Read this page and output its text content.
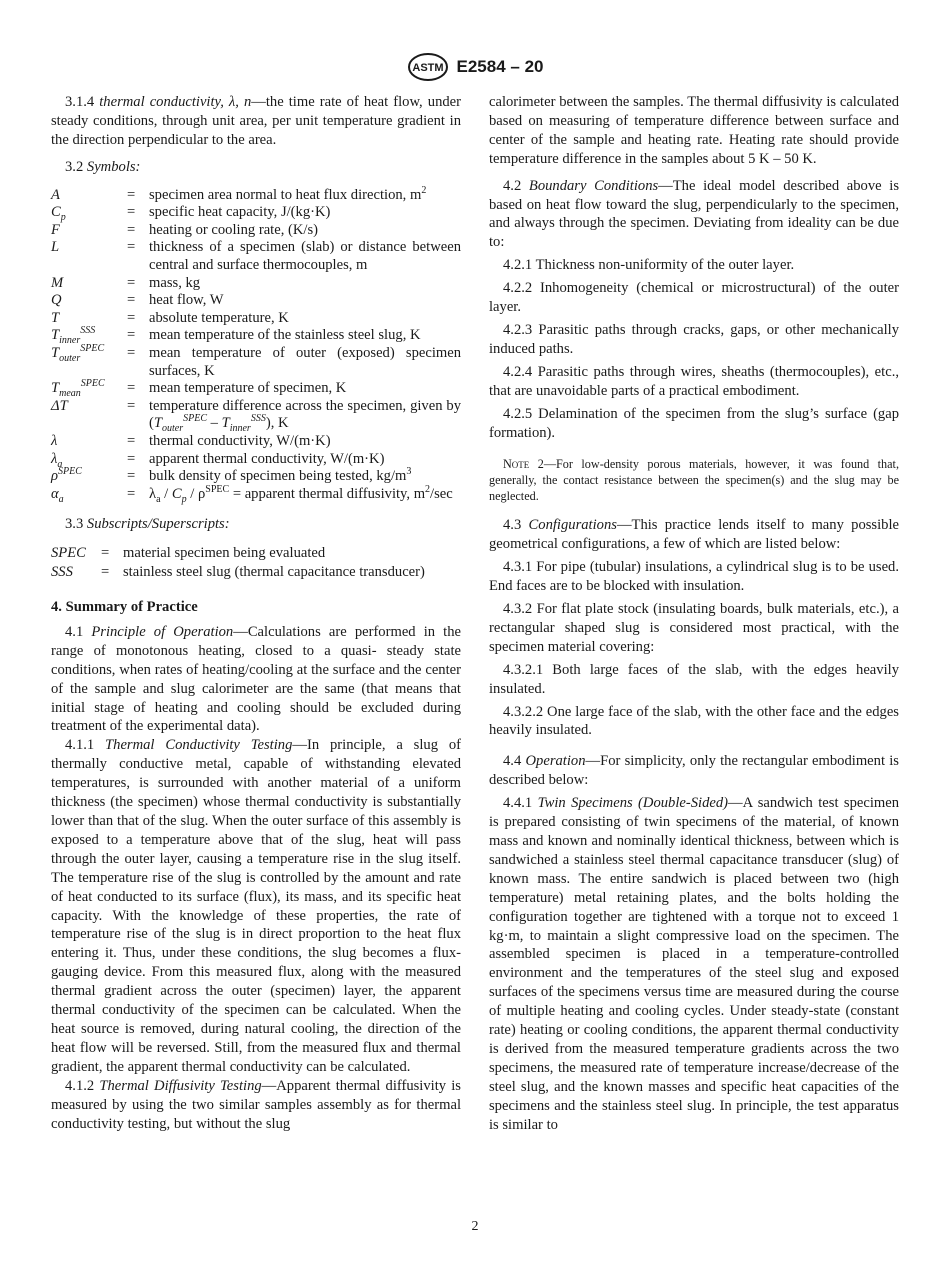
ASTM E2584 – 20

3.1.4 thermal conductivity, λ, n—the time rate of heat flow, under steady conditions, through unit area, per unit temperature gradient in the direction perpendicular to the area.

3.2 Symbols:

A	=	specimen area normal to heat flux direction, $m^2$
$C_p$	=	specific heat capacity, J/(kg·K)
F	=	heating or cooling rate, (K/s)
L	=	thickness of a specimen (slab) or distance between central and surface thermocouples, m
M	=	mass, kg
Q	=	heat flow, W
T	=	absolute temperature, K
$T_{inner}^{SSS}$	=	mean temperature of the stainless steel slug, K
$T_{outer}^{SPEC}$	=	mean temperature of outer (exposed) specimen surfaces, K
$T_{mean}^{SPEC}$	=	mean temperature of specimen, K
ΔT	=	temperature difference across the specimen, given by $(T_{outer}^{SPEC} - T_{inner}^{SSS})$, K
λ	=	thermal conductivity, W/(m·K)
$\lambda_a$	=	apparent thermal conductivity, W/(m·K)
$\rho^{SPEC}$	=	bulk density of specimen being tested, $kg/m^3$
$\alpha_a$	=	$\lambda_a / C_p / \rho^{SPEC}$ = apparent thermal diffusivity, $m^2/\sec$

3.3 Subscripts/Superscripts:

SPEC	=	material specimen being evaluated
SSS	=	stainless steel slug (thermal capacitance transducer)
4. Summary of Practice

4.1 Principle of Operation—Calculations are performed in the range of monotonous heating, closed to a quasi- steady state conditions, when rates of heating/cooling at the surface and the center of the sample and slug calorimeter are the same (that means that initial stage of heating and cooling should be excluded during treatment of the experimental data).

4.1.1 Thermal Conductivity Testing—In principle, a slug of thermally conductive metal, capable of withstanding elevated temperatures, is surrounded with another material of a uniform thickness (the specimen) whose thermal conductivity is substantially lower than that of the slug. When the outer surface of this assembly is exposed to a temperature above that of the slug, heat will pass through the outer layer, causing a temperature rise in the slug itself. The temperature rise of the slug is controlled by the amount and rate of heat conducted to its surface (flux), its mass, and its specific heat capacity. With the knowledge of these properties, the rate of temperature rise of the slug is in direct proportion to the heat flux entering it. Thus, under these conditions, the slug becomes a flux-gauging device. From this measured flux, along with the measured thermal gradient across the outer (specimen) layer, the apparent thermal conductivity of the specimen can be calculated. When the heat source is removed, during natural cooling, the direction of the heat flow will be reversed. Still, from the measured flux and thermal gradient, the apparent thermal conductivity can be calculated.

4.1.2 Thermal Diffusivity Testing—Apparent thermal diffusivity is measured by using the two similar samples assembly as for thermal conductivity testing, but without the slug

calorimeter between the samples. The thermal diffusivity is calculated based on measuring of temperature difference between surface and center of the sample and heating rate. Heating rate should provide temperature difference in the samples about 5 K – 50 K.

4.2 Boundary Conditions—The ideal model described above is based on heat flow toward the slug, perpendicularly to the specimen, and always through the specimen. Deviating from ideality can be due to:

4.2.1 Thickness non-uniformity of the outer layer.

4.2.2 Inhomogeneity (chemical or microstructural) of the outer layer.

4.2.3 Parasitic paths through cracks, gaps, or other mechanically induced paths.

4.2.4 Parasitic paths through wires, sheaths (thermocouples), etc., that are unavoidable parts of a practical embodiment.

4.2.5 Delamination of the specimen from the slug’s surface (gap formation).

Note 2—For low-density porous materials, however, it was found that, generally, the contact resistance between the specimen(s) and the slug may be neglected.

4.3 Configurations—This practice lends itself to many possible geometrical configurations, a few of which are listed below:

4.3.1 For pipe (tubular) insulations, a cylindrical slug is to be used. End faces are to be blocked with insulation.

4.3.2 For flat plate stock (insulating boards, bulk materials, etc.), a rectangular shaped slug is considered most practical, with the specimen material covering:

4.3.2.1 Both large faces of the slab, with the edges heavily insulated.

4.3.2.2 One large face of the slab, with the other face and the edges heavily insulated.

4.4 Operation—For simplicity, only the rectangular embodiment is described below:

4.4.1 Twin Specimens (Double-Sided)—A sandwich test specimen is prepared consisting of twin specimens of the material, of known mass and known and nominally identical thickness, between which is sandwiched a stainless steel thermal capacitance transducer (slug) of known mass. The entire sandwich is placed between two (high temperature) metal retaining plates, and the bolts holding the configuration together are tightened with a torque not to exceed 1 kg·m, to maintain a slight compressive load on the specimen. The assembled specimen is placed in a temperature-controlled environment and the temperatures of the steel slug and exposed surfaces of the specimens versus time are measured during the course of multiple heating and cooling cycles. Under steady-state (constant rate) heating or cooling conditions, the apparent thermal conductivity is derived from the measured temperature gradients across the two specimens, the measured rate of temperature increase/decrease of the steel slug, and the known masses and specific heat capacities of the specimens and the stainless steel slug. In principle, the test apparatus is similar to

2
